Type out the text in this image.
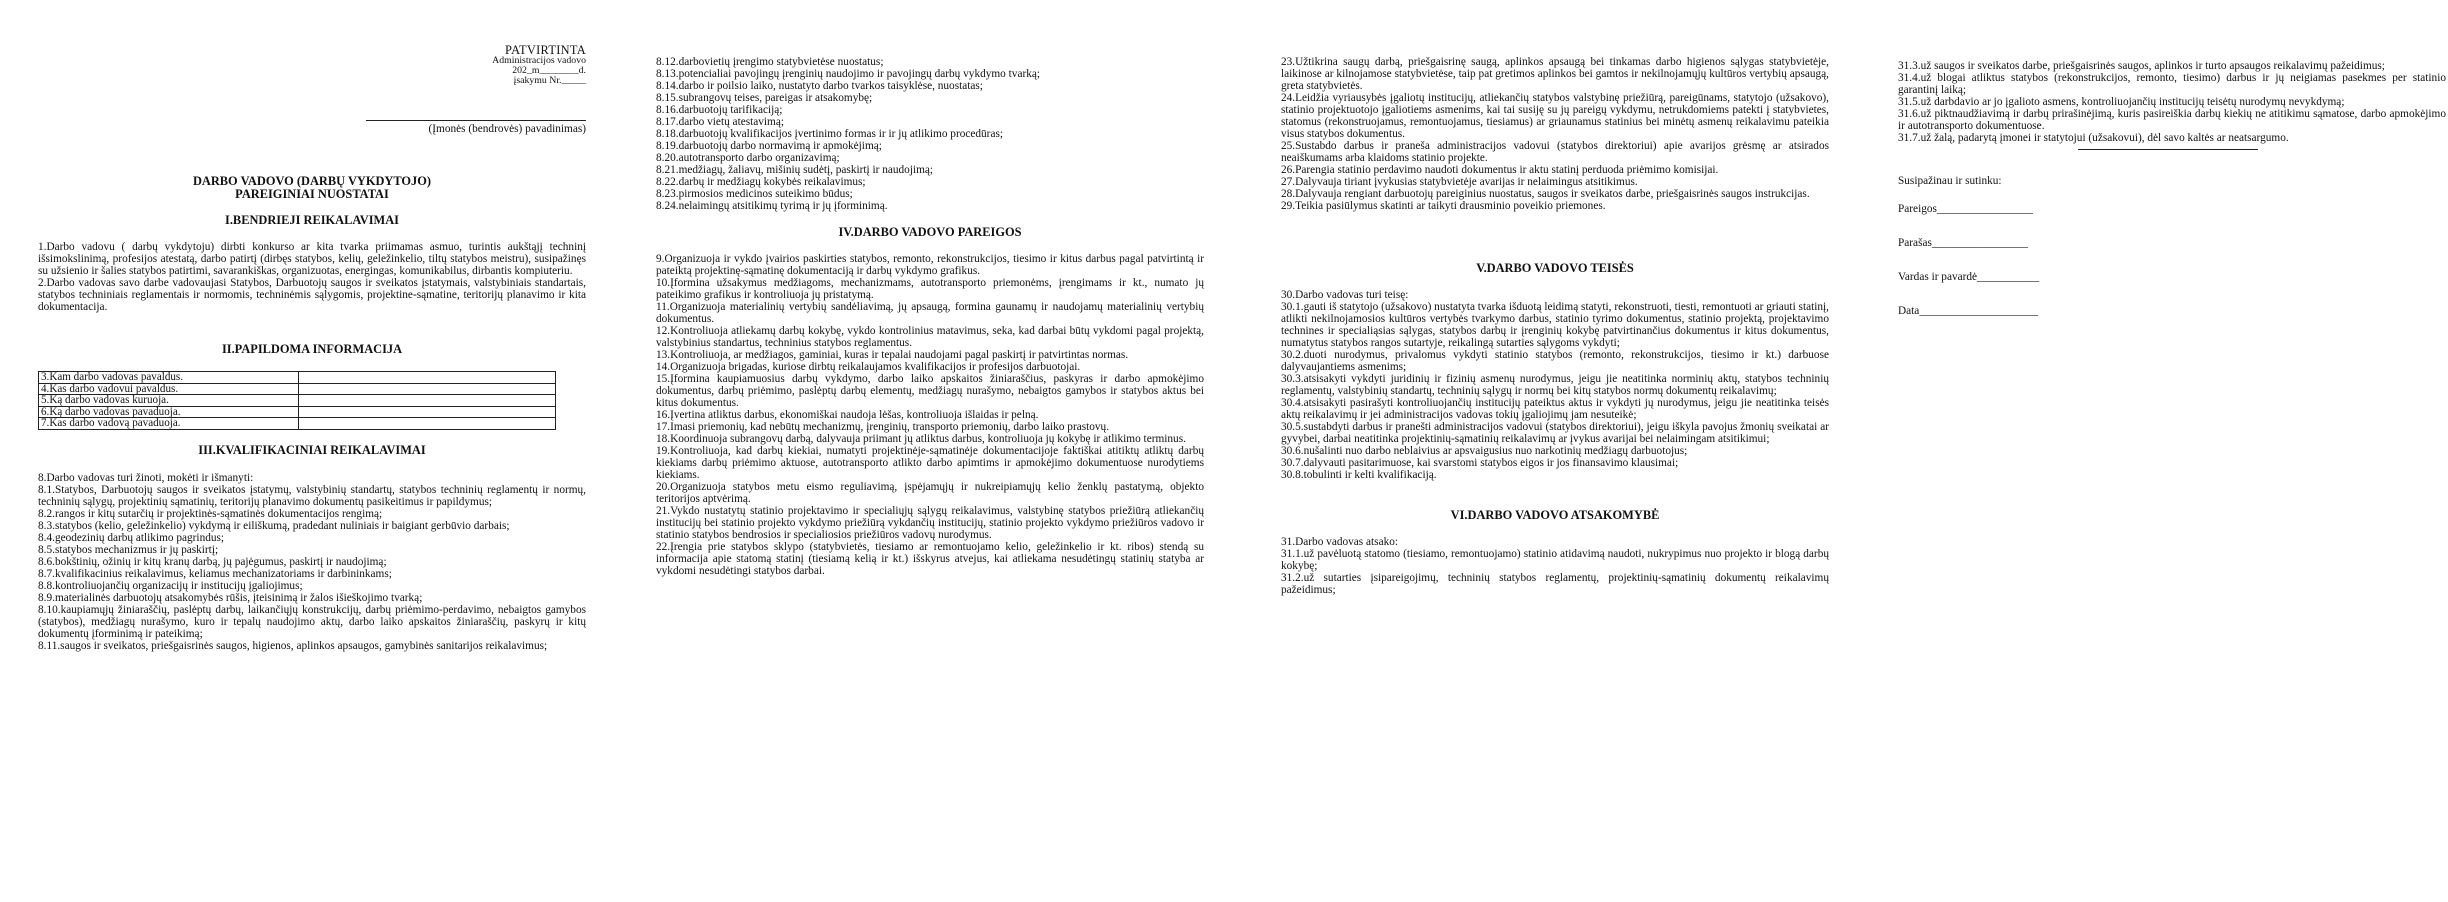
PATVIRTINTA

Administracijos vadovo

202_m________d.

įsakymu Nr._____

(Įmonės (bendrovės) pavadinimas)

DARBO VADOVO (DARBŲ VYKDYTOJO)
PAREIGINIAI NUOSTATAI
I.BENDRIEJI REIKALAVIMAI

1.Darbo vadovu ( darbų vykdytoju) dirbti konkurso ar kita tvarka priimamas asmuo, turintis aukštąjį techninį išsimokslinimą, profesijos atestatą, darbo patirtį (dirbęs statybos, kelių, geležinkelio, tiltų statybos meistru), susipažinęs su užsienio ir šalies statybos patirtimi, savarankiškas, organizuotas, energingas, komunikabilus, dirbantis kompiuteriu.

2.Darbo vadovas savo darbe vadovaujasi Statybos, Darbuotojų saugos ir sveikatos įstatymais, valstybiniais standartais, statybos techniniais reglamentais ir normomis, techninėmis sąlygomis, projektine-sąmatine, teritorijų planavimo ir kita dokumentacija.

II.PAPILDOMA INFORMACIJA
3.Kam darbo vadovas pavaldus.	
4.Kas darbo vadovui pavaldus.	
5.Ką darbo vadovas kuruoja.	
6.Ką darbo vadovas pavaduoja.	
7.Kas darbo vadovą pavaduoja.	
III.KVALIFIKACINIAI REIKALAVIMAI

8.Darbo vadovas turi žinoti, mokėti ir išmanyti:

8.1.Statybos, Darbuotojų saugos ir sveikatos įstatymų, valstybinių standartų, statybos techninių reglamentų ir normų, techninių sąlygų, projektinių sąmatinių, teritorijų planavimo dokumentų pasikeitimus ir papildymus;

8.2.rangos ir kitų sutarčių ir projektinės-sąmatinės dokumentacijos rengimą;

8.3.statybos (kelio, geležinkelio) vykdymą ir eiliškumą, pradedant nuliniais ir baigiant gerbūvio darbais;

8.4.geodezinių darbų atlikimo pagrindus;

8.5.statybos mechanizmus ir jų paskirtį;

8.6.bokštinių, ožinių ir kitų kranų darbą, jų pajėgumus, paskirtį ir naudojimą;

8.7.kvalifikacinius reikalavimus, keliamus mechanizatoriams ir darbininkams;

8.8.kontroliuojančių organizacijų ir institucijų įgaliojimus;

8.9.materialinės darbuotojų atsakomybės rūšis, įteisinimą ir žalos išieškojimo tvarką;

8.10.kaupiamųjų žiniaraščių, paslėptų darbų, laikančiųjų konstrukcijų, darbų priėmimo-perdavimo, nebaigtos gamybos (statybos), medžiagų nurašymo, kuro ir tepalų naudojimo aktų, darbo laiko apskaitos žiniaraščių, paskyrų ir kitų dokumentų įforminimą ir pateikimą;

8.11.saugos ir sveikatos, priešgaisrinės saugos, higienos, aplinkos apsaugos, gamybinės sanitarijos reikalavimus;

8.12.darbovietių įrengimo statybvietėse nuostatus;

8.13.potencialiai pavojingų įrenginių naudojimo ir pavojingų darbų vykdymo tvarką;

8.14.darbo ir poilsio laiko, nustatyto darbo tvarkos taisyklėse, nuostatas;

8.15.subrangovų teises, pareigas ir atsakomybę;

8.16.darbuotojų tarifikaciją;

8.17.darbo vietų atestavimą;

8.18.darbuotojų kvalifikacijos įvertinimo formas ir ir jų atlikimo procedūras;

8.19.darbuotojų darbo normavimą ir apmokėjimą;

8.20.autotransporto darbo organizavimą;

8.21.medžiagų, žaliavų, mišinių sudėtį, paskirtį ir naudojimą;

8.22.darbų ir medžiagų kokybės reikalavimus;

8.23.pirmosios medicinos suteikimo būdus;

8.24.nelaimingų atsitikimų tyrimą ir jų įforminimą.

IV.DARBO VADOVO PAREIGOS

9.Organizuoja ir vykdo įvairios paskirties statybos, remonto, rekonstrukcijos, tiesimo ir kitus darbus pagal patvirtintą ir pateiktą projektinę-sąmatinę dokumentaciją ir darbų vykdymo grafikus.

10.Įformina užsakymus medžiagoms, mechanizmams, autotransporto priemonėms, įrengimams ir kt., numato jų pateikimo grafikus ir kontroliuoja jų pristatymą.

11.Organizuoja materialinių vertybių sandėliavimą, jų apsaugą, formina gaunamų ir naudojamų materialinių vertybių dokumentus.

12.Kontroliuoja atliekamų darbų kokybę, vykdo kontrolinius matavimus, seka, kad darbai būtų vykdomi pagal projektą, valstybinius standartus, techninius statybos reglamentus.

13.Kontroliuoja, ar medžiagos, gaminiai, kuras ir tepalai naudojami pagal paskirtį ir patvirtintas normas.

14.Organizuoja brigadas, kuriose dirbtų reikalaujamos kvalifikacijos ir profesijos darbuotojai.

15.Įformina kaupiamuosius darbų vykdymo, darbo laiko apskaitos žiniaraščius, paskyras ir darbo apmokėjimo dokumentus, darbų priėmimo, paslėptų darbų elementų, medžiagų nurašymo, nebaigtos gamybos ir statybos aktus bei kitus dokumentus.

16.Įvertina atliktus darbus, ekonomiškai naudoja lėšas, kontroliuoja išlaidas ir pelną.

17.Imasi priemonių, kad nebūtų mechanizmų, įrenginių, transporto priemonių, darbo laiko prastovų.

18.Koordinuoja subrangovų darbą, dalyvauja priimant jų atliktus darbus, kontroliuoja jų kokybę ir atlikimo terminus.

19.Kontroliuoja, kad darbų kiekiai, numatyti projektinėje-sąmatinėje dokumentacijoje faktiškai atitiktų atliktų darbų kiekiams darbų priėmimo aktuose, autotransporto atlikto darbo apimtims ir apmokėjimo dokumentuose nurodytiems kiekiams.

20.Organizuoja statybos metu eismo reguliavimą, įspėjamųjų ir nukreipiamųjų kelio ženklų pastatymą, objekto teritorijos aptvėrimą.

21.Vykdo nustatytų statinio projektavimo ir specialiųjų sąlygų reikalavimus, valstybinę statybos priežiūrą atliekančių institucijų bei statinio projekto vykdymo priežiūrą vykdančių institucijų, statinio projekto vykdymo priežiūros vadovo ir statinio statybos bendrosios ir specialiosios priežiūros vadovų nurodymus.

22.Įrengia prie statybos sklypo (statybvietės, tiesiamo ar remontuojamo kelio, geležinkelio ir kt. ribos) stendą su informacija apie statomą statinį (tiesiamą kelią ir kt.) išskyrus atvejus, kai atliekama nesudėtingų statinių statyba ar vykdomi nesudėtingi statybos darbai.

23.Užtikrina saugų darbą, priešgaisrinę saugą, aplinkos apsaugą bei tinkamas darbo higienos sąlygas statybvietėje, laikinose ar kilnojamose statybvietėse, taip pat gretimos aplinkos bei gamtos ir nekilnojamųjų kultūros vertybių apsaugą, greta statybvietės.

24.Leidžia vyriausybės įgaliotų institucijų, atliekančių statybos valstybinę priežiūrą, pareigūnams, statytojo (užsakovo), statinio projektuotojo įgaliotiems asmenims, kai tai susiję su jų pareigų vykdymu, netrukdomiems patekti į statybvietes, statomus (rekonstruojamus, remontuojamus, tiesiamus) ar griaunamus statinius bei minėtų asmenų reikalavimu pateikia visus statybos dokumentus.

25.Sustabdo darbus ir praneša administracijos vadovui (statybos direktoriui) apie avarijos grėsmę ar atsirados neaiškumams arba klaidoms statinio projekte.

26.Parengia statinio perdavimo naudoti dokumentus ir aktu statinį perduoda priėmimo komisijai.

27.Dalyvauja tiriant įvykusias statybvietėje avarijas ir nelaimingus atsitikimus.

28.Dalyvauja rengiant darbuotojų pareiginius nuostatus, saugos ir sveikatos darbe, priešgaisrinės saugos instrukcijas.

29.Teikia pasiūlymus skatinti ar taikyti drausminio poveikio priemones.

V.DARBO VADOVO TEISĖS

30.Darbo vadovas turi teisę:

30.1.gauti iš statytojo (užsakovo) nustatyta tvarka išduotą leidimą statyti, rekonstruoti, tiesti, remontuoti ar griauti statinį, atlikti nekilnojamosios kultūros vertybės tvarkymo darbus, statinio tyrimo dokumentus, statinio projektą, projektavimo technines ir specialiąsias sąlygas, statybos darbų ir įrenginių kokybę patvirtinančius dokumentus ir kitus dokumentus, numatytus statybos rangos sutartyje, reikalingą sutarties sąlygoms vykdyti;

30.2.duoti nurodymus, privalomus vykdyti statinio statybos (remonto, rekonstrukcijos, tiesimo ir kt.) darbuose dalyvaujantiems asmenims;

30.3.atsisakyti vykdyti juridinių ir fizinių asmenų nurodymus, jeigu jie neatitinka norminių aktų, statybos techninių reglamentų, valstybinių standartų, techninių sąlygų ir normų bei kitų statybos normų dokumentų reikalavimų;

30.4.atsisakyti pasirašyti kontroliuojančių institucijų pateiktus aktus ir vykdyti jų nurodymus, jeigu jie neatitinka teisės aktų reikalavimų ir jei administracijos vadovas tokių įgaliojimų jam nesuteikė;

30.5.sustabdyti darbus ir pranešti administracijos vadovui (statybos direktoriui), jeigu iškyla pavojus žmonių sveikatai ar gyvybei, darbai neatitinka projektinių-sąmatinių reikalavimų ar įvykus avarijai bei nelaimingam atsitikimui;

30.6.nušalinti nuo darbo neblaivius ar apsvaigusius nuo narkotinių medžiagų darbuotojus;

30.7.dalyvauti pasitarimuose, kai svarstomi statybos eigos ir jos finansavimo klausimai;

30.8.tobulinti ir kelti kvalifikaciją.

VI.DARBO VADOVO ATSAKOMYBĖ

31.Darbo vadovas atsako:

31.1.už pavėluotą statomo (tiesiamo, remontuojamo) statinio atidavimą naudoti, nukrypimus nuo projekto ir blogą darbų kokybę;

31.2.už sutarties įsipareigojimų, techninių statybos reglamentų, projektinių-sąmatinių dokumentų reikalavimų pažeidimus;

31.3.už saugos ir sveikatos darbe, priešgaisrinės saugos, aplinkos ir turto apsaugos reikalavimų pažeidimus;

31.4.už blogai atliktus statybos (rekonstrukcijos, remonto, tiesimo) darbus ir jų neigiamas pasekmes per statinio garantinį laiką;

31.5.už darbdavio ar jo įgalioto asmens, kontroliuojančių institucijų teisėtų nurodymų nevykdymą;

31.6.už piktnaudžiavimą ir darbų prirašinėjimą, kuris pasireiškia darbų kiekių ne atitikimu sąmatose, darbo apmokėjimo ir autotransporto dokumentuose.

31.7.už žalą, padarytą įmonei ir statytojui (užsakovui), dėl savo kaltės ar neatsargumo.

Susipažinau ir sutinku:

Pareigos_________________

Parašas_________________

Vardas ir pavardė___________

Data_____________________
